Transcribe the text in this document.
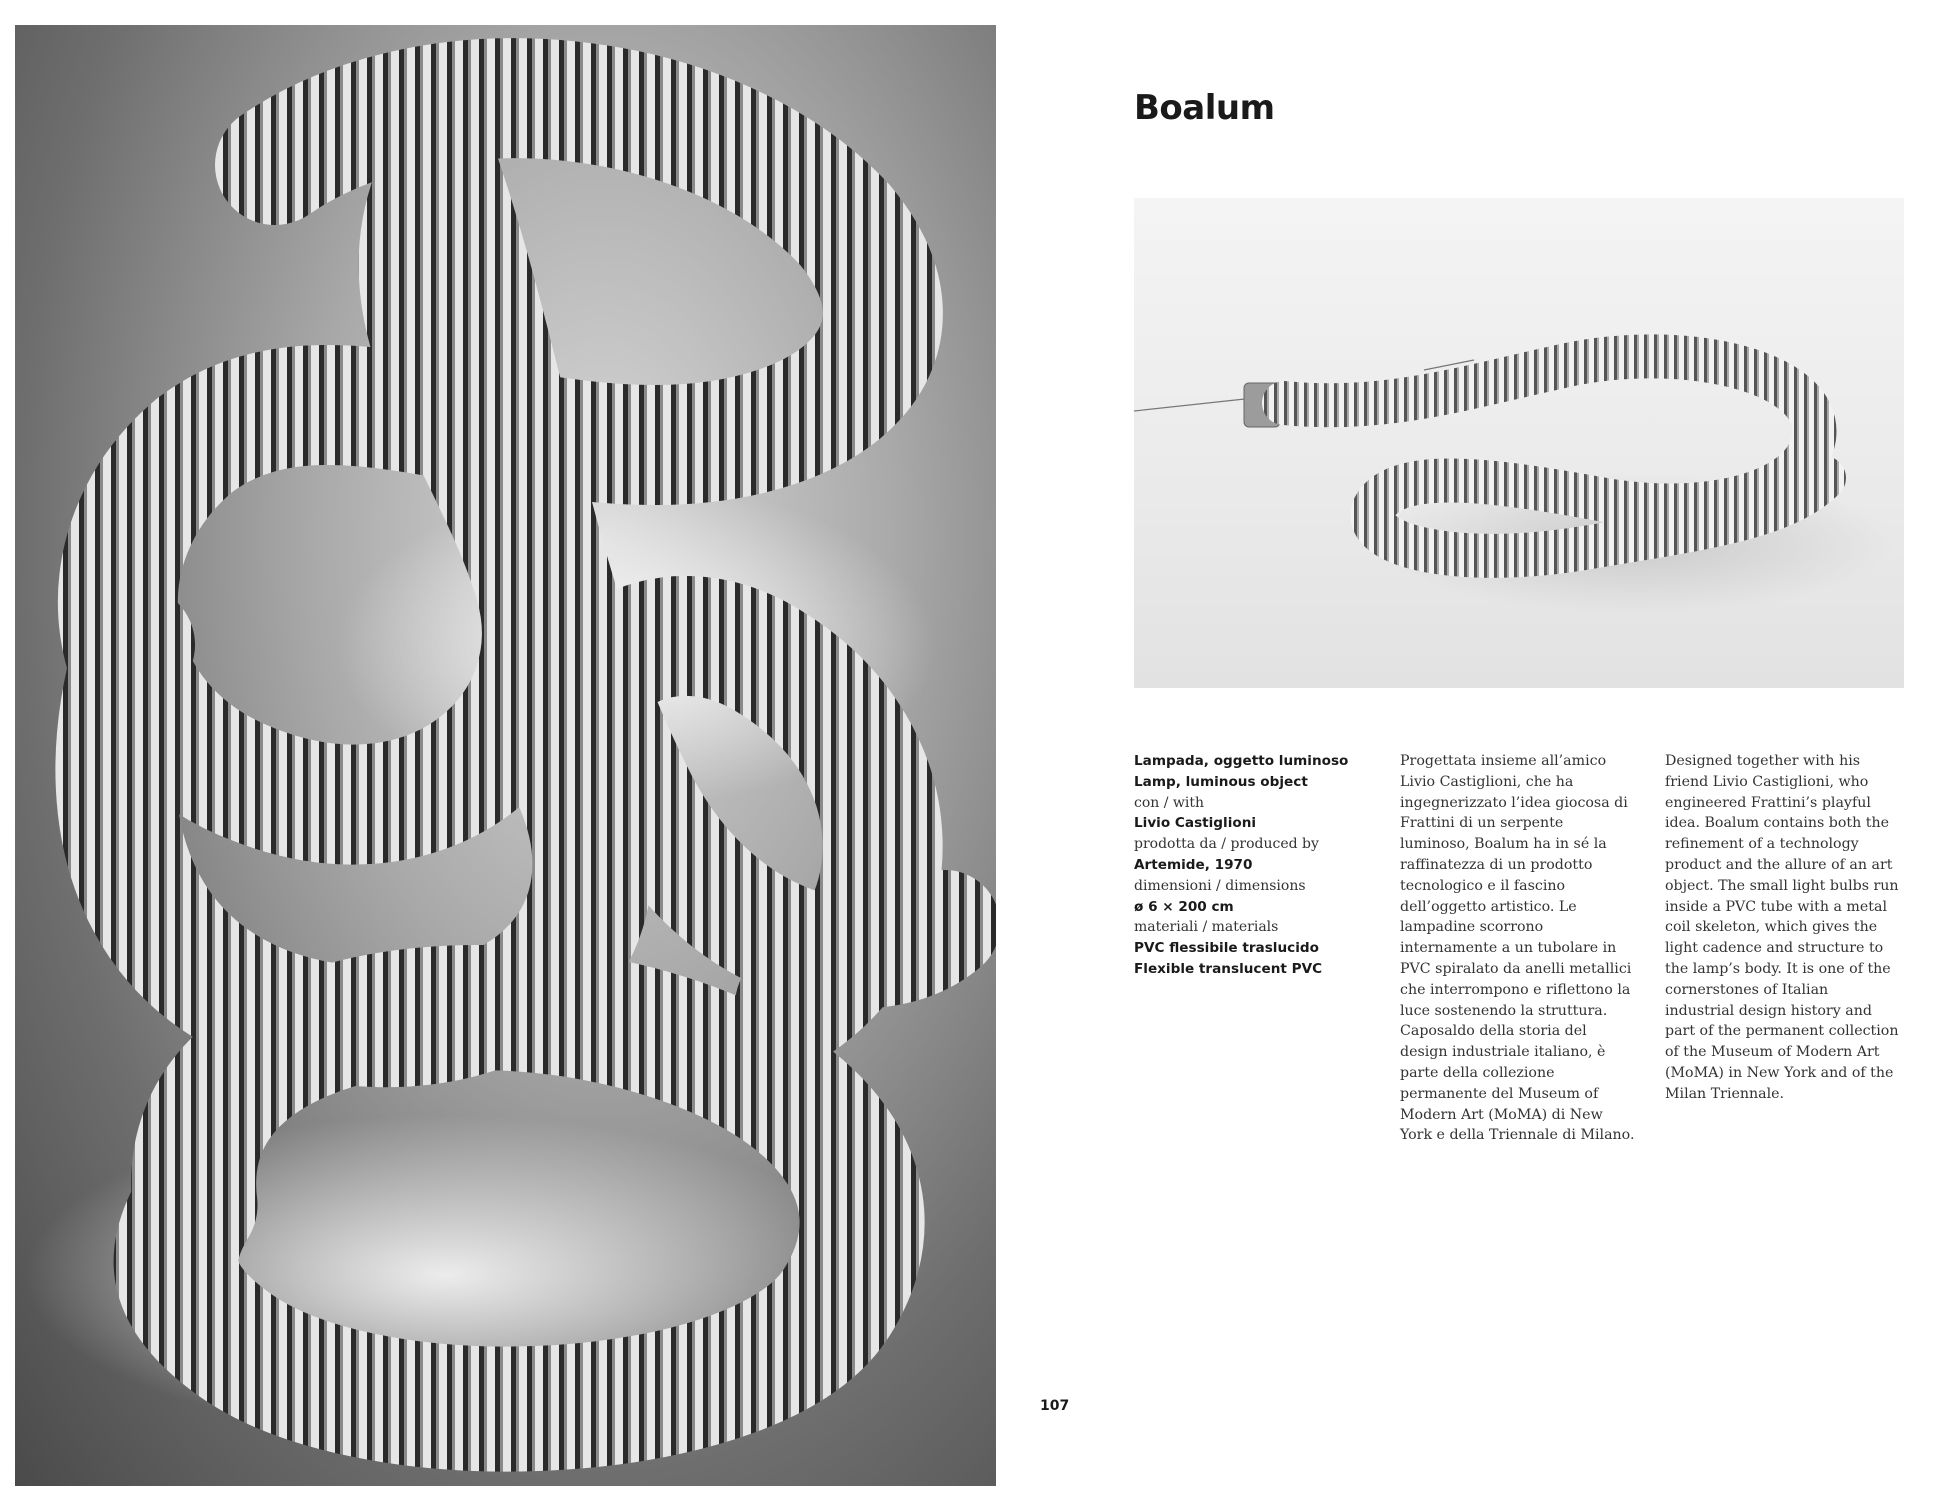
107
Boalum
Lampada, oggetto luminoso
Lamp, luminous object
con / with
Livio Castiglioni
prodotta da / produced by
Artemide, 1970
dimensioni / dimensions
ø 6 × 200 cm
materiali / materials
PVC flessibile traslucido
Flexible translucent PVC

Progettata insieme all’amico Livio Castiglioni, che ha ingegnerizzato l’idea giocosa di Frattini di un serpente luminoso, Boalum ha in sé la raffinatezza di un prodotto tecnologico e il fascino dell’oggetto artistico. Le lampadine scorrono internamente a un tubolare in PVC spiralato da anelli metallici che interrompono e riflettono la luce sostenendo la struttura. Caposaldo della storia del design industriale italiano, è parte della collezione permanente del Museum of Modern Art (MoMA) di New York e della Triennale di Milano.

Designed together with his friend Livio Castiglioni, who engineered Frattini’s playful idea. Boalum contains both the refinement of a technology product and the allure of an art object. The small light bulbs run inside a PVC tube with a metal coil skeleton, which gives the light cadence and structure to the lamp’s body. It is one of the cornerstones of Italian industrial design history and part of the permanent collection of the Museum of Modern Art (MoMA) in New York and of the Milan Triennale.
